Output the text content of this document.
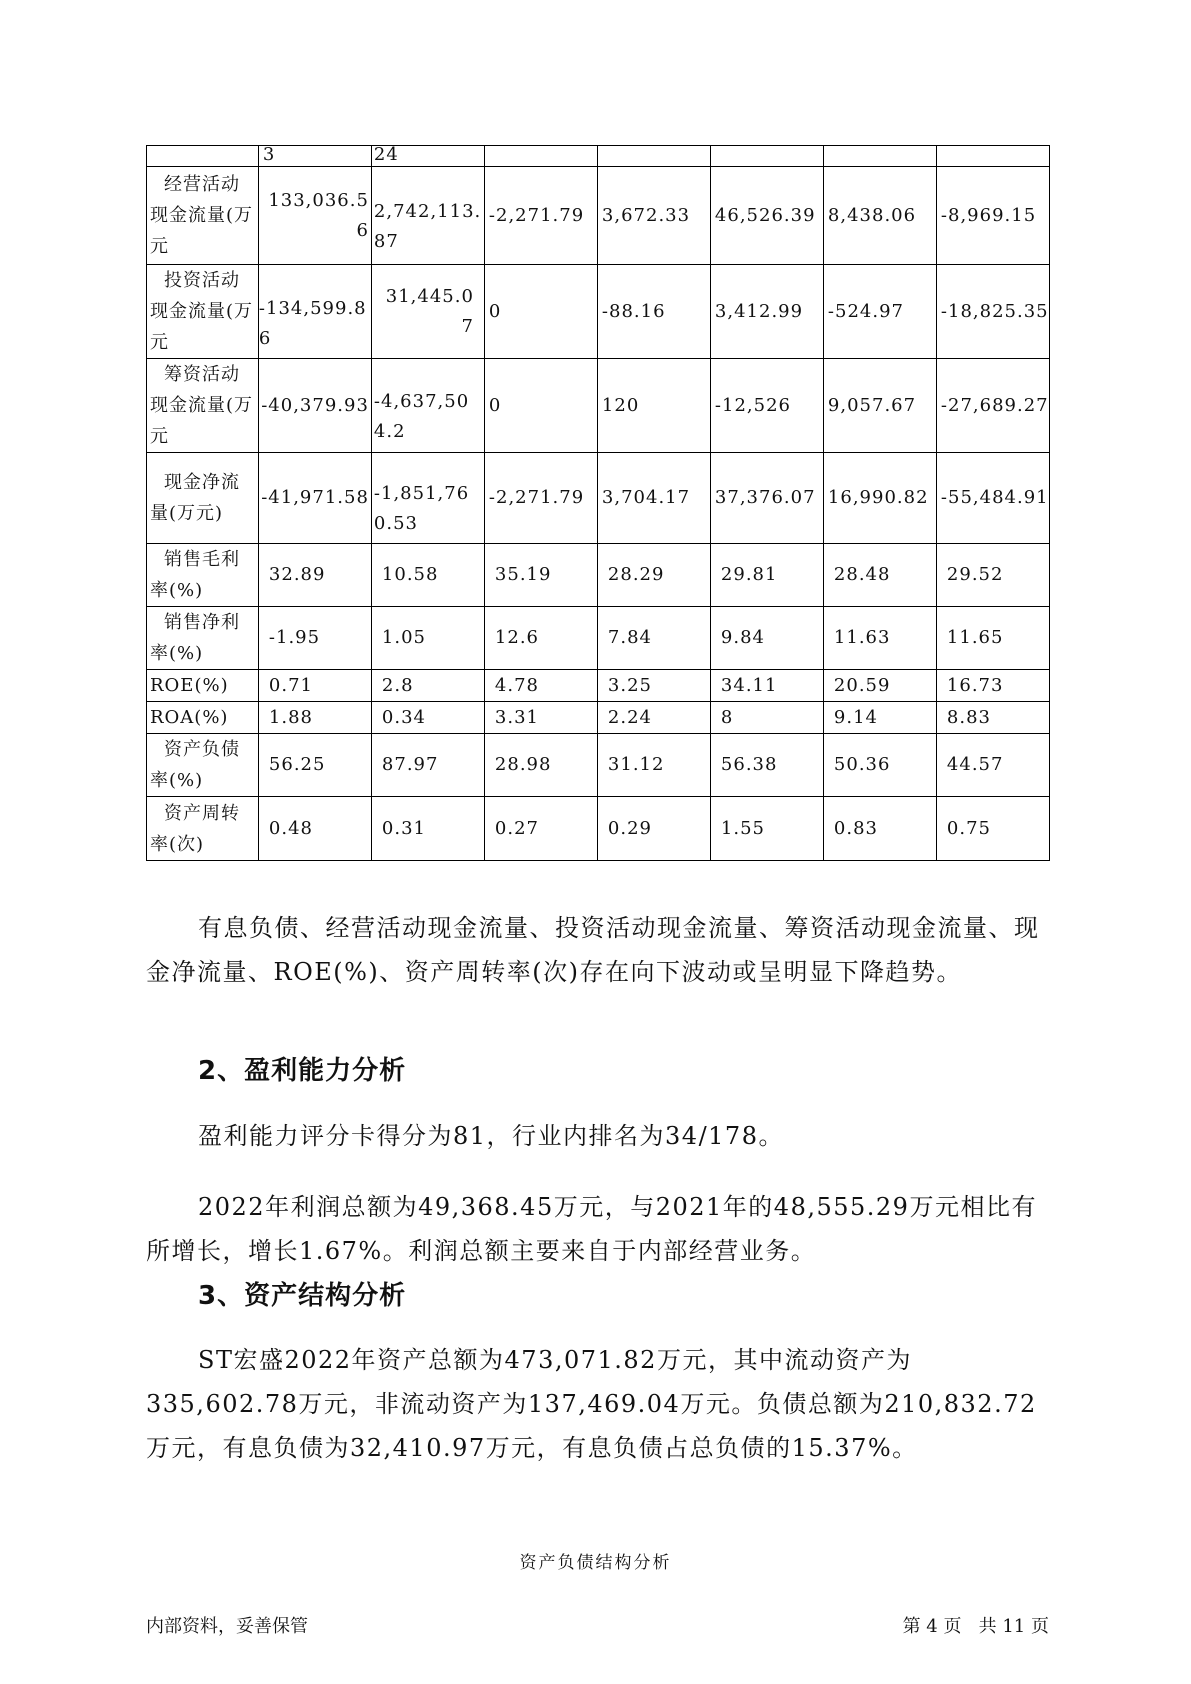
	3	24					
经营活动现金流量(万元	133,036.56	2,742,113.87	-2,271.79	3,672.33	46,526.39	8,438.06	-8,969.15
投资活动现金流量(万元	-134,599.86	31,445.07	0	-88.16	3,412.99	-524.97	-18,825.35
筹资活动现金流量(万元	-40,379.93	-4,637,504.2	0	120	-12,526	9,057.67	-27,689.27
现金净流量(万元)	-41,971.58	-1,851,760.53	-2,271.79	3,704.17	37,376.07	16,990.82	-55,484.91
销售毛利率(%)	32.89	10.58	35.19	28.29	29.81	28.48	29.52
销售净利率(%)	-1.95	1.05	12.6	7.84	9.84	11.63	11.65
ROE(%)	0.71	2.8	4.78	3.25	34.11	20.59	16.73
ROA(%)	1.88	0.34	3.31	2.24	8	9.14	8.83
资产负债率(%)	56.25	87.97	28.98	31.12	56.38	50.36	44.57
资产周转率(次)	0.48	0.31	0.27	0.29	1.55	0.83	0.75

有息负债、经营活动现金流量、投资活动现金流量、筹资活动现金流量、现金净流量、ROE(%)、资产周转率(次)存在向下波动或呈明显下降趋势。

2、盈利能力分析

盈利能力评分卡得分为81，行业内排名为34/178。

2022年利润总额为49,368.45万元，与2021年的48,555.29万元相比有所增长，增长1.67%。利润总额主要来自于内部经营业务。

3、资产结构分析

ST宏盛2022年资产总额为473,071.82万元，其中流动资产为335,602.78万元，非流动资产为137,469.04万元。负债总额为210,832.72万元，有息负债为32,410.97万元，有息负债占总负债的15.37%。

资产负债结构分析
内部资料，妥善保管	第 4 页   共 11 页
